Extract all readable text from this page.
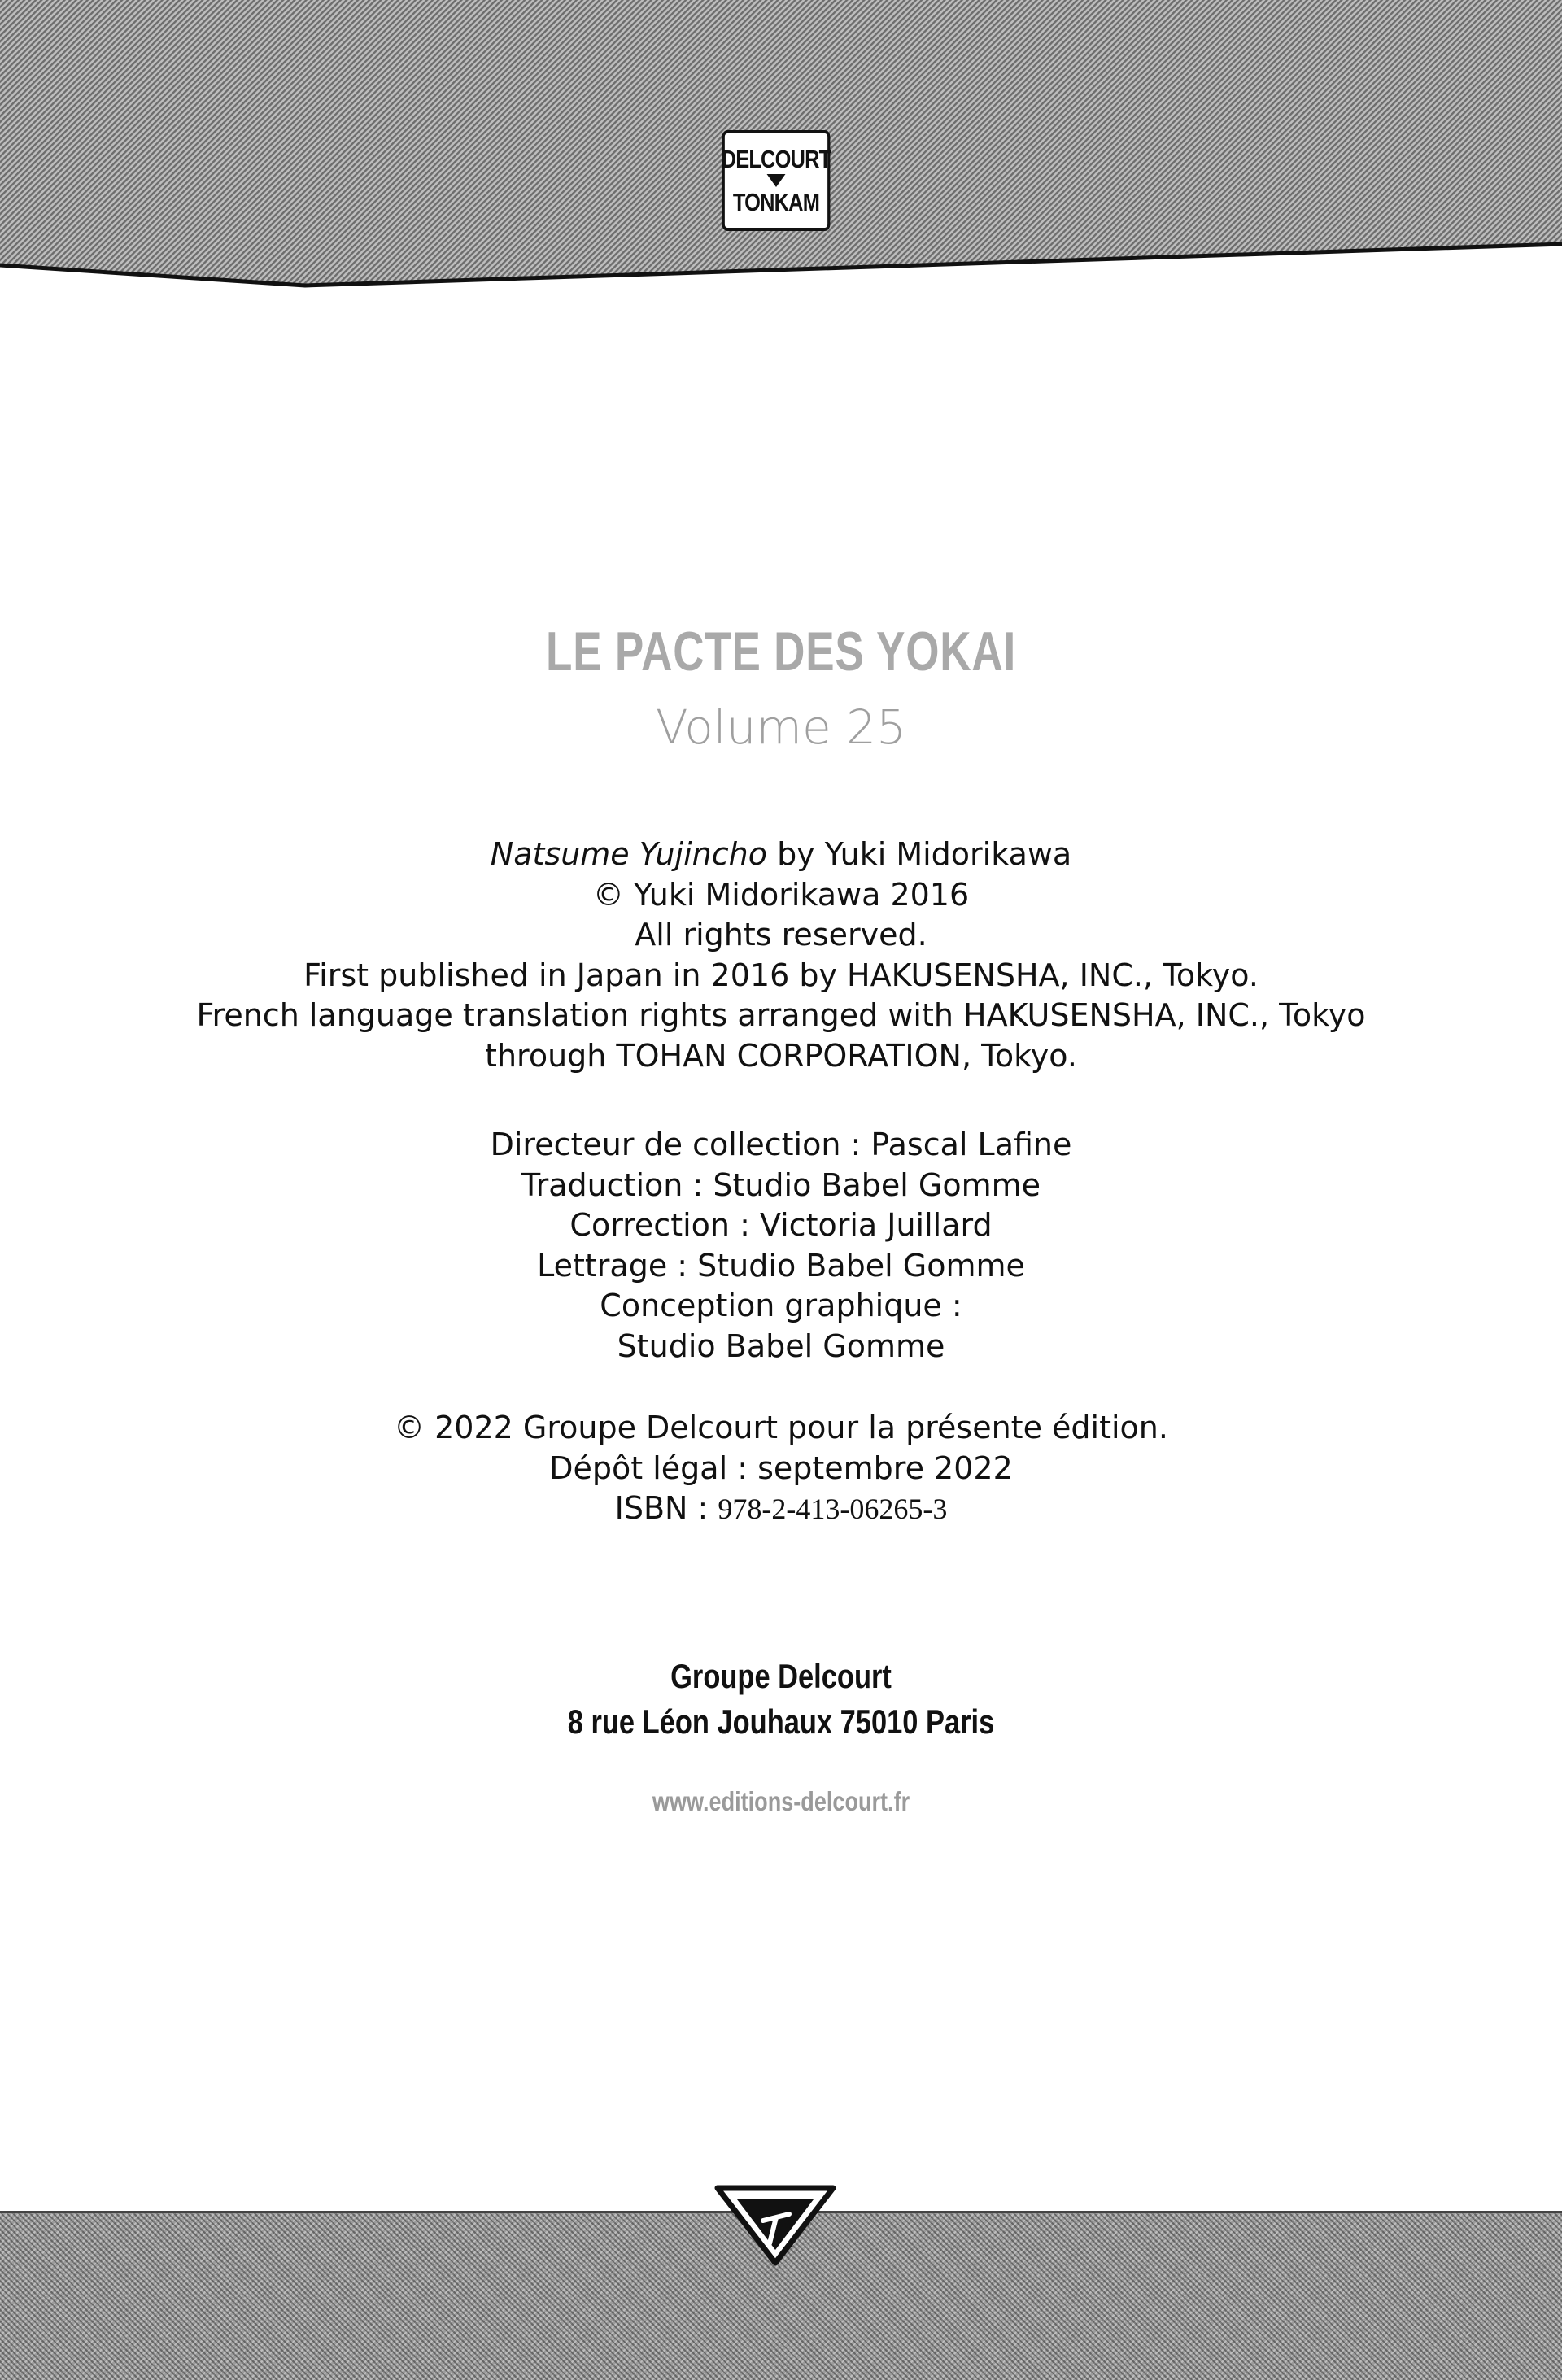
DELCOURT
TONKAM
LE PACTE DES YOKAI
Volume 25
Natsume Yujincho by Yuki Midorikawa
© Yuki Midorikawa 2016
All rights reserved.
First published in Japan in 2016 by HAKUSENSHA, INC., Tokyo.
French language translation rights arranged with HAKUSENSHA, INC., Tokyo
through TOHAN CORPORATION, Tokyo.
Directeur de collection : Pascal Lafine
Traduction : Studio Babel Gomme
Correction : Victoria Juillard
Lettrage : Studio Babel Gomme
Conception graphique :
Studio Babel Gomme
© 2022 Groupe Delcourt pour la présente édition.
Dépôt légal : septembre 2022
ISBN : 978-2-413-06265-3
Groupe Delcourt
8 rue Léon Jouhaux 75010 Paris
www.editions-delcourt.fr
